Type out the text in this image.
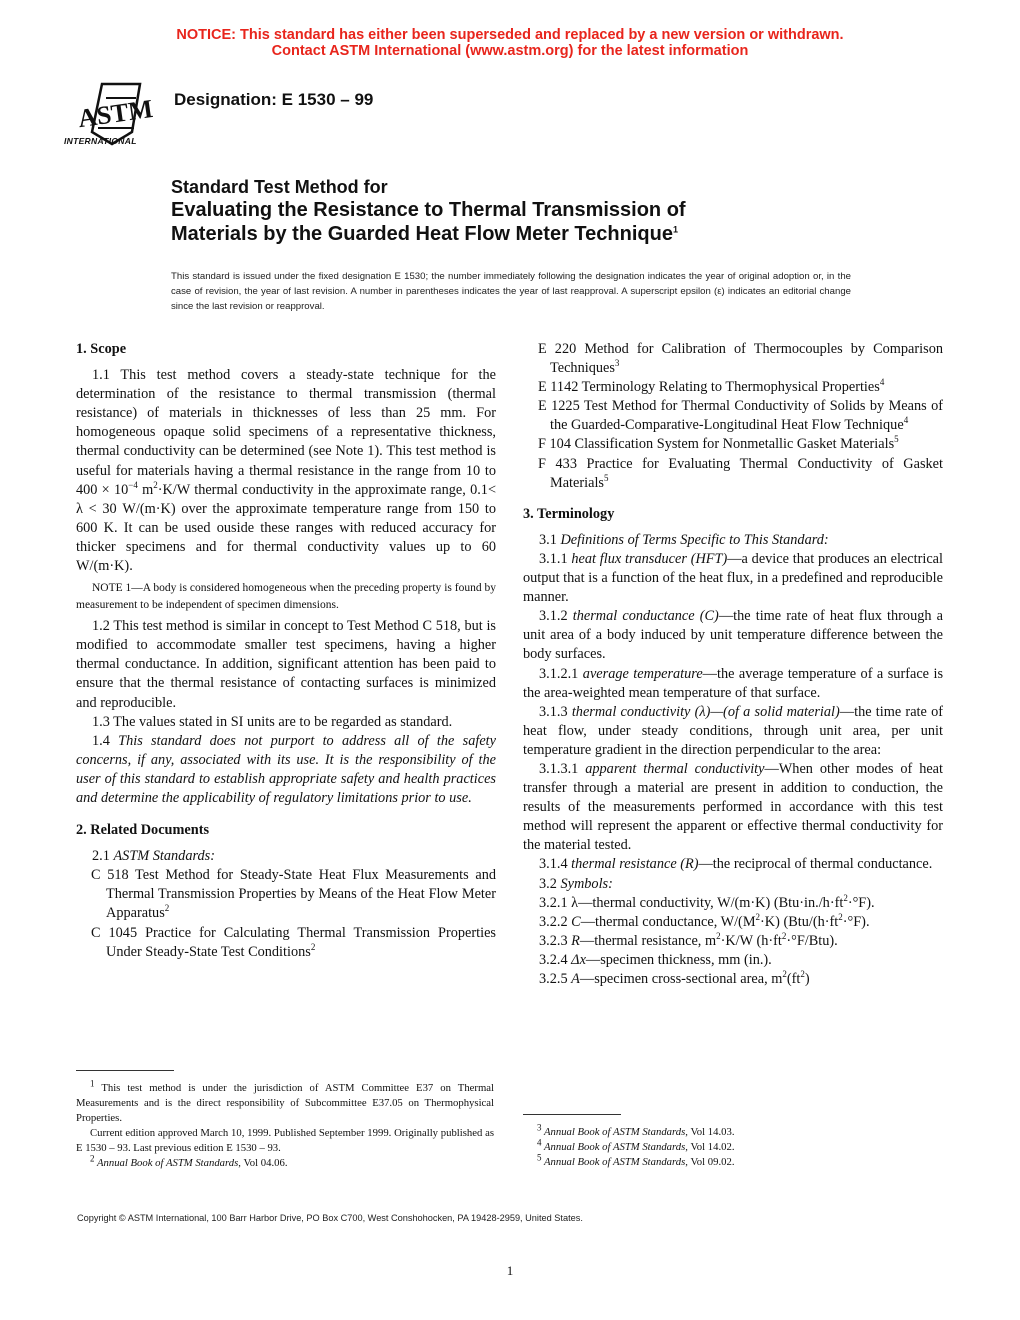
NOTICE: This standard has either been superseded and replaced by a new version or withdrawn.
Contact ASTM International (www.astm.org) for the latest information
ASTM
INTERNATIONAL
Designation: E 1530 – 99
Standard Test Method for
Evaluating the Resistance to Thermal Transmission of
Materials by the Guarded Heat Flow Meter Technique$^1$
This standard is issued under the fixed designation E 1530; the number immediately following the designation indicates the year of original adoption or, in the case of revision, the year of last revision. A number in parentheses indicates the year of last reapproval. A superscript epsilon (ε) indicates an editorial change since the last revision or reapproval.

1. Scope

1.1 This test method covers a steady-state technique for the determination of the resistance to thermal transmission (thermal resistance) of materials in thicknesses of less than 25 mm. For homogeneous opaque solid specimens of a representative thickness, thermal conductivity can be determined (see Note 1). This test method is useful for materials having a thermal resistance in the range from 10 to $400 \times 10^{-4}$ $m^2\cdot K/W$ thermal conductivity in the approximate range, 0.1< λ < 30 W/(m·K) over the approximate temperature range from 150 to 600 K. It can be used ouside these ranges with reduced accuracy for thicker specimens and for thermal conductivity values up to 60 W/(m·K).

NOTE 1—A body is considered homogeneous when the preceding property is found by measurement to be independent of specimen dimensions.

1.2 This test method is similar in concept to Test Method C 518, but is modified to accommodate smaller test specimens, having a higher thermal conductance. In addition, significant attention has been paid to ensure that the thermal resistance of contacting surfaces is minimized and reproducible.

1.3 The values stated in SI units are to be regarded as standard.

1.4 This standard does not purport to address all of the safety concerns, if any, associated with its use. It is the responsibility of the user of this standard to establish appropriate safety and health practices and determine the applicability of regulatory limitations prior to use.

2. Related Documents

2.1 ASTM Standards:

C 518 Test Method for Steady-State Heat Flux Measurements and Thermal Transmission Properties by Means of the Heat Flow Meter Apparatus$^2$

C 1045 Practice for Calculating Thermal Transmission Properties Under Steady-State Test Conditions$^2$

E 220 Method for Calibration of Thermocouples by Comparison Techniques$^3$

E 1142 Terminology Relating to Thermophysical Properties$^4$

E 1225 Test Method for Thermal Conductivity of Solids by Means of the Guarded-Comparative-Longitudinal Heat Flow Technique$^4$

F 104 Classification System for Nonmetallic Gasket Materials$^5$

F 433 Practice for Evaluating Thermal Conductivity of Gasket Materials$^5$

3. Terminology

3.1 Definitions of Terms Specific to This Standard:

3.1.1 heat flux transducer (HFT)—a device that produces an electrical output that is a function of the heat flux, in a predefined and reproducible manner.

3.1.2 thermal conductance (C)—the time rate of heat flux through a unit area of a body induced by unit temperature difference between the body surfaces.

3.1.2.1 average temperature—the average temperature of a surface is the area-weighted mean temperature of that surface.

3.1.3 thermal conductivity (λ)—(of a solid material)—the time rate of heat flow, under steady conditions, through unit area, per unit temperature gradient in the direction perpendicular to the area:

3.1.3.1 apparent thermal conductivity—When other modes of heat transfer through a material are present in addition to conduction, the results of the measurements performed in accordance with this test method will represent the apparent or effective thermal conductivity for the material tested.

3.1.4 thermal resistance (R)—the reciprocal of thermal conductance.

3.2 Symbols:

3.2.1 λ—thermal conductivity, W/(m·K) $(Btu\cdot in./h\cdot ft^2\cdot^\circ F)$.

3.2.2 C—thermal conductance, $W/(M^2\cdot K)$ ($Btu/(h\cdot ft^2\cdot^\circ F)$.

3.2.3 R—thermal resistance, $m^2\cdot K/W$ $(h\cdot ft^2\cdot^\circ F/Btu)$.

3.2.4 Δx—specimen thickness, mm (in.).

3.2.5 A—specimen cross-sectional area, $m^2(ft^2)$

$^1$ This test method is under the jurisdiction of ASTM Committee E37 on Thermal Measurements and is the direct responsibility of Subcommittee E37.05 on Thermophysical Properties.

Current edition approved March 10, 1999. Published September 1999. Originally published as E 1530 – 93. Last previous edition E 1530 – 93.

$^2$ Annual Book of ASTM Standards, Vol 04.06.

$^3$ Annual Book of ASTM Standards, Vol 14.03.

$^4$ Annual Book of ASTM Standards, Vol 14.02.

$^5$ Annual Book of ASTM Standards, Vol 09.02.

Copyright © ASTM International, 100 Barr Harbor Drive, PO Box C700, West Conshohocken, PA 19428-2959, United States.
1
